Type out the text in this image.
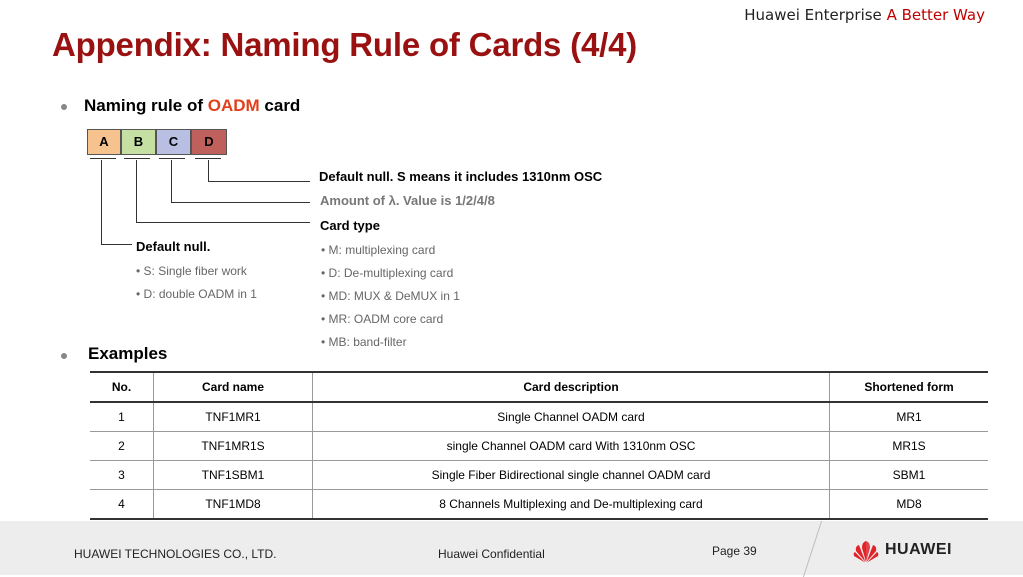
Huawei Enterprise A Better Way
Appendix: Naming Rule of Cards (4/4)
Naming rule of OADM card
A	B	C	D
Default null. S means it includes 1310nm OSC
Amount of λ. Value is 1/2/4/8
Card type
• M: multiplexing card
• D: De-multiplexing card
• MD: MUX & DeMUX in 1
• MR: OADM core card
• MB: band-filter
Default null.
• S: Single fiber work
• D: double OADM in 1
Examples
No.	Card name	Card description	Shortened form
1	TNF1MR1	Single Channel OADM card	MR1
2	TNF1MR1S	single Channel OADM card With 1310nm OSC	MR1S
3	TNF1SBM1	Single Fiber Bidirectional single channel OADM card	SBM1
4	TNF1MD8	8 Channels Multiplexing and De-multiplexing card	MD8
HUAWEI TECHNOLOGIES CO., LTD.	Huawei Confidential	Page 39	HUAWEI
